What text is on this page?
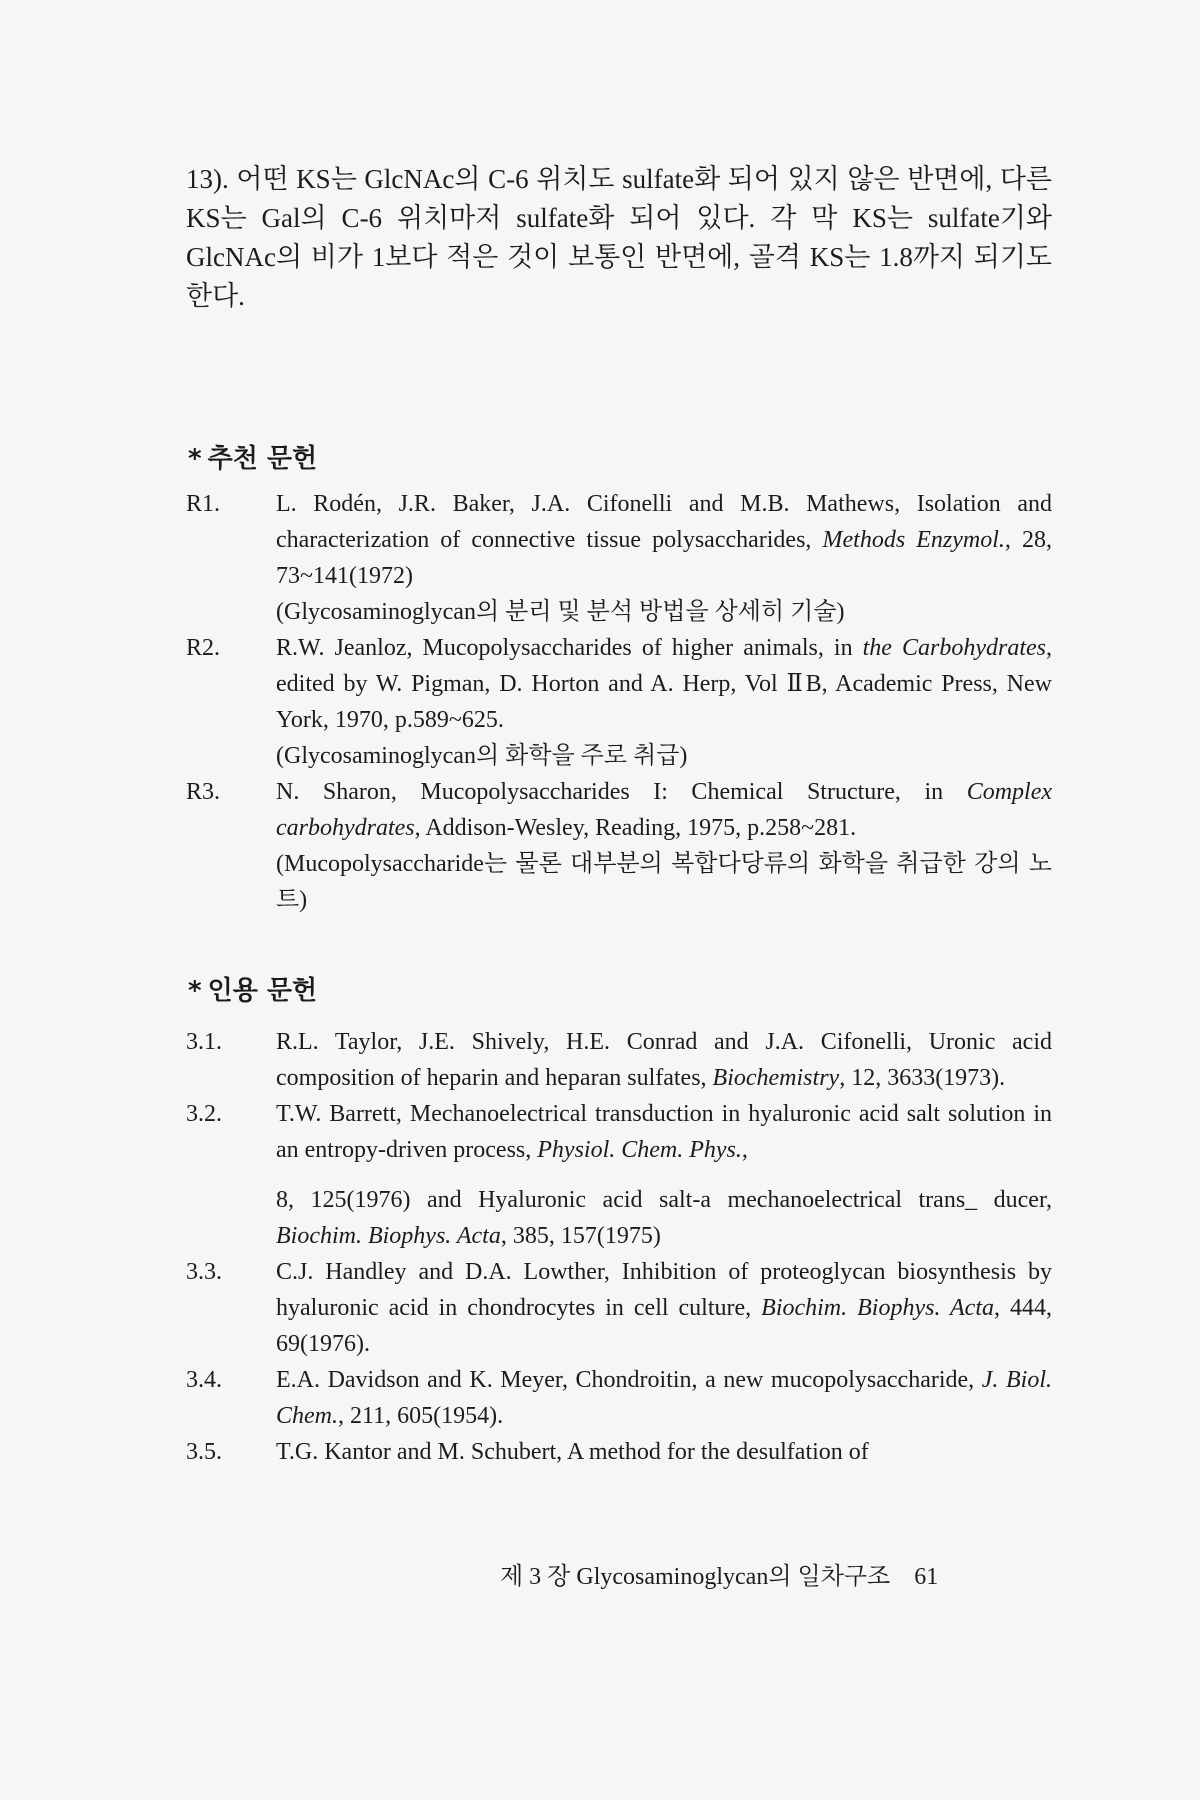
13). 어떤 KS는 GlcNAc의 C-6 위치도 sulfate화 되어 있지 않은 반면에, 다른 KS는 Gal의 C-6 위치마저 sulfate화 되어 있다. 각 막 KS는 sulfate기와 GlcNAc의 비가 1보다 적은 것이 보통인 반면에, 골격 KS는 1.8까지 되기도 한다.

* 추천 문헌
R1. L. Rodén, J.R. Baker, J.A. Cifonelli and M.B. Mathews, Isolation and characterization of connective tissue polysaccharides, Methods Enzymol., 28, 73~141(1972)
(Glycosaminoglycan의 분리 및 분석 방법을 상세히 기술)
R2. R.W. Jeanloz, Mucopolysaccharides of higher animals, in the Carbohydrates, edited by W. Pigman, D. Horton and A. Herp, Vol ⅡB, Academic Press, New York, 1970, p.589~625.
(Glycosaminoglycan의 화학을 주로 취급)
R3. N. Sharon, Mucopolysaccharides I: Chemical Structure, in Complex carbohydrates, Addison-Wesley, Reading, 1975, p.258~281.
(Mucopolysaccharide는 물론 대부분의 복합다당류의 화학을 취급한 강의 노트)
* 인용 문헌
3.1. R.L. Taylor, J.E. Shively, H.E. Conrad and J.A. Cifonelli, Uronic acid composition of heparin and heparan sulfates, Biochemistry, 12, 3633(1973).
3.2. T.W. Barrett, Mechanoelectrical transduction in hyaluronic acid salt solution in an entropy-driven process, Physiol. Chem. Phys.,
8, 125(1976) and Hyaluronic acid salt-a mechanoelectrical trans_ ducer, Biochim. Biophys. Acta, 385, 157(1975)
3.3. C.J. Handley and D.A. Lowther, Inhibition of proteoglycan biosynthesis by hyaluronic acid in chondrocytes in cell culture, Biochim. Biophys. Acta, 444, 69(1976).
3.4. E.A. Davidson and K. Meyer, Chondroitin, a new mucopolysaccharide, J. Biol. Chem., 211, 605(1954).
3.5. T.G. Kantor and M. Schubert, A method for the desulfation of

제 3 장 Glycosaminoglycan의 일차구조 61
